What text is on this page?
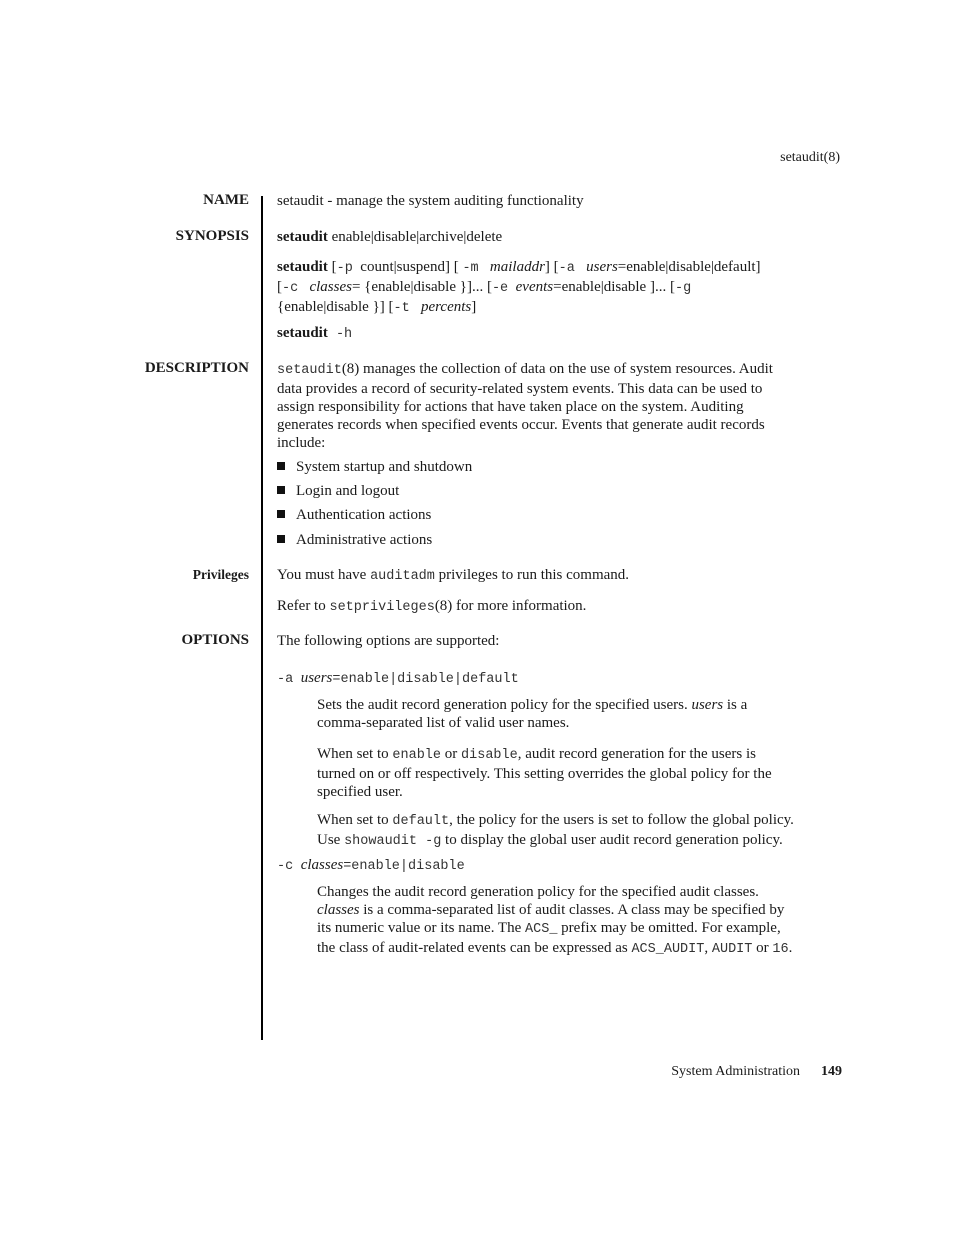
setaudit(8)
NAME
SYNOPSIS
DESCRIPTION
Privileges
OPTIONS
setaudit - manage the system auditing functionality
setaudit enable|disable|archive|delete
setaudit [-p  count|suspend] [ -m mailaddr] [-a users=enable|disable|default]
[-c classes= {enable|disable }]... [-e events=enable|disable ]... [-g
{enable|disable }] [-t percents]
setaudit -h
setaudit(8) manages the collection of data on the use of system resources. Audit
data provides a record of security-related system events. This data can be used to
assign responsibility for actions that have taken place on the system. Auditing
generates records when specified events occur. Events that generate audit records
include:
System startup and shutdown
Login and logout
Authentication actions
Administrative actions
You must have auditadm privileges to run this command.
Refer to setprivileges(8) for more information.
The following options are supported:
-a users=enable|disable|default
Sets the audit record generation policy for the specified users. users is a
comma-separated list of valid user names.
When set to enable or disable, audit record generation for the users is
turned on or off respectively. This setting overrides the global policy for the
specified user.
When set to default, the policy for the users is set to follow the global policy.
Use showaudit -g to display the global user audit record generation policy.
-c classes=enable|disable
Changes the audit record generation policy for the specified audit classes.
classes is a comma-separated list of audit classes. A class may be specified by
its numeric value or its name. The ACS_ prefix may be omitted. For example,
the class of audit-related events can be expressed as ACS_AUDIT, AUDIT or 16.
System Administration 149
